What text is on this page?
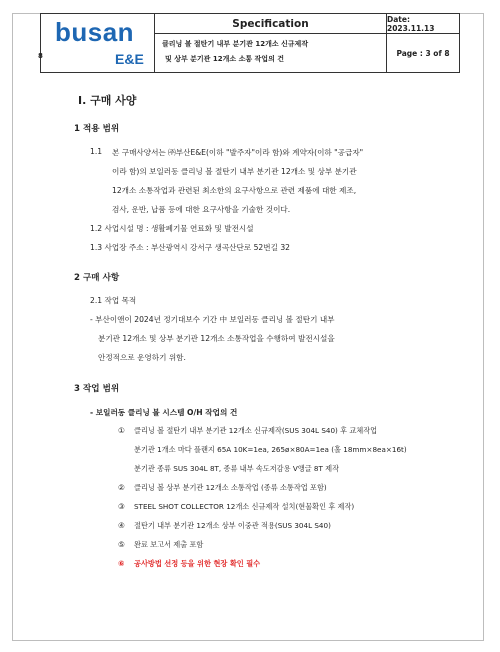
busan
E&E
Specification	Date: 2023.11.13
클리닝 볼 절탄기 내부 분기관 12개소 신규제작
및 상부 분기관 12개소 소통 작업의 건
Page : 3 of 8
8
Ⅰ. 구매 사양
1 적용 범위
1.1 본 구매사양서는 ㈜부산E&E(이하 "발주자"이라 함)와 계약자(이하 "공급자"
이라 함)의 보일러동 클리닝 볼 절탄기 내부 분기관 12개소 및 상부 분기관
12개소 소통작업과 관련된 최소한의 요구사항으로 관련 제품에 대한 제조,
검사, 운반, 납품 등에 대한 요구사항을 기술한 것이다.
1.2 사업시설 명 : 생활폐기물 연료화 및 발전시설
1.3 사업장 주소 : 부산광역시 강서구 생곡산단로 52번길 32
2 구매 사항
2.1 작업 목적
- 부산이앤이 2024년 정기대보수 기간 中 보일러동 클리닝 볼 절탄기 내부
분기관 12개소 및 상부 분기관 12개소 소통작업을 수행하여 발전시설을
안정적으로 운영하기 위함.
3 작업 범위
- 보일러동 클리닝 볼 시스템 O/H 작업의 건
① 클리닝 볼 절탄기 내부 분기관 12개소 신규제작(SUS 304L S40) 후 교체작업
분기관 1개소 마다 플랜지 65A 10K=1ea, 265ø×80A=1ea (홀 18mm×8ea×16t)
분기관 종류 SUS 304L 8T, 종류 내부 속도저감용 V앵글 8T 제작
② 클리닝 볼 상부 분기관 12개소 소통작업 (종류 소통작업 포함)
③ STEEL SHOT COLLECTOR 12개소 신규제작 설치(현물확인 후 제작)
④ 절탄기 내부 분기관 12개소 상부 이중관 적용(SUS 304L S40)
⑤ 완료 보고서 제출 포함
⑥ 공사방법 선정 등을 위한 현장 확인 필수
